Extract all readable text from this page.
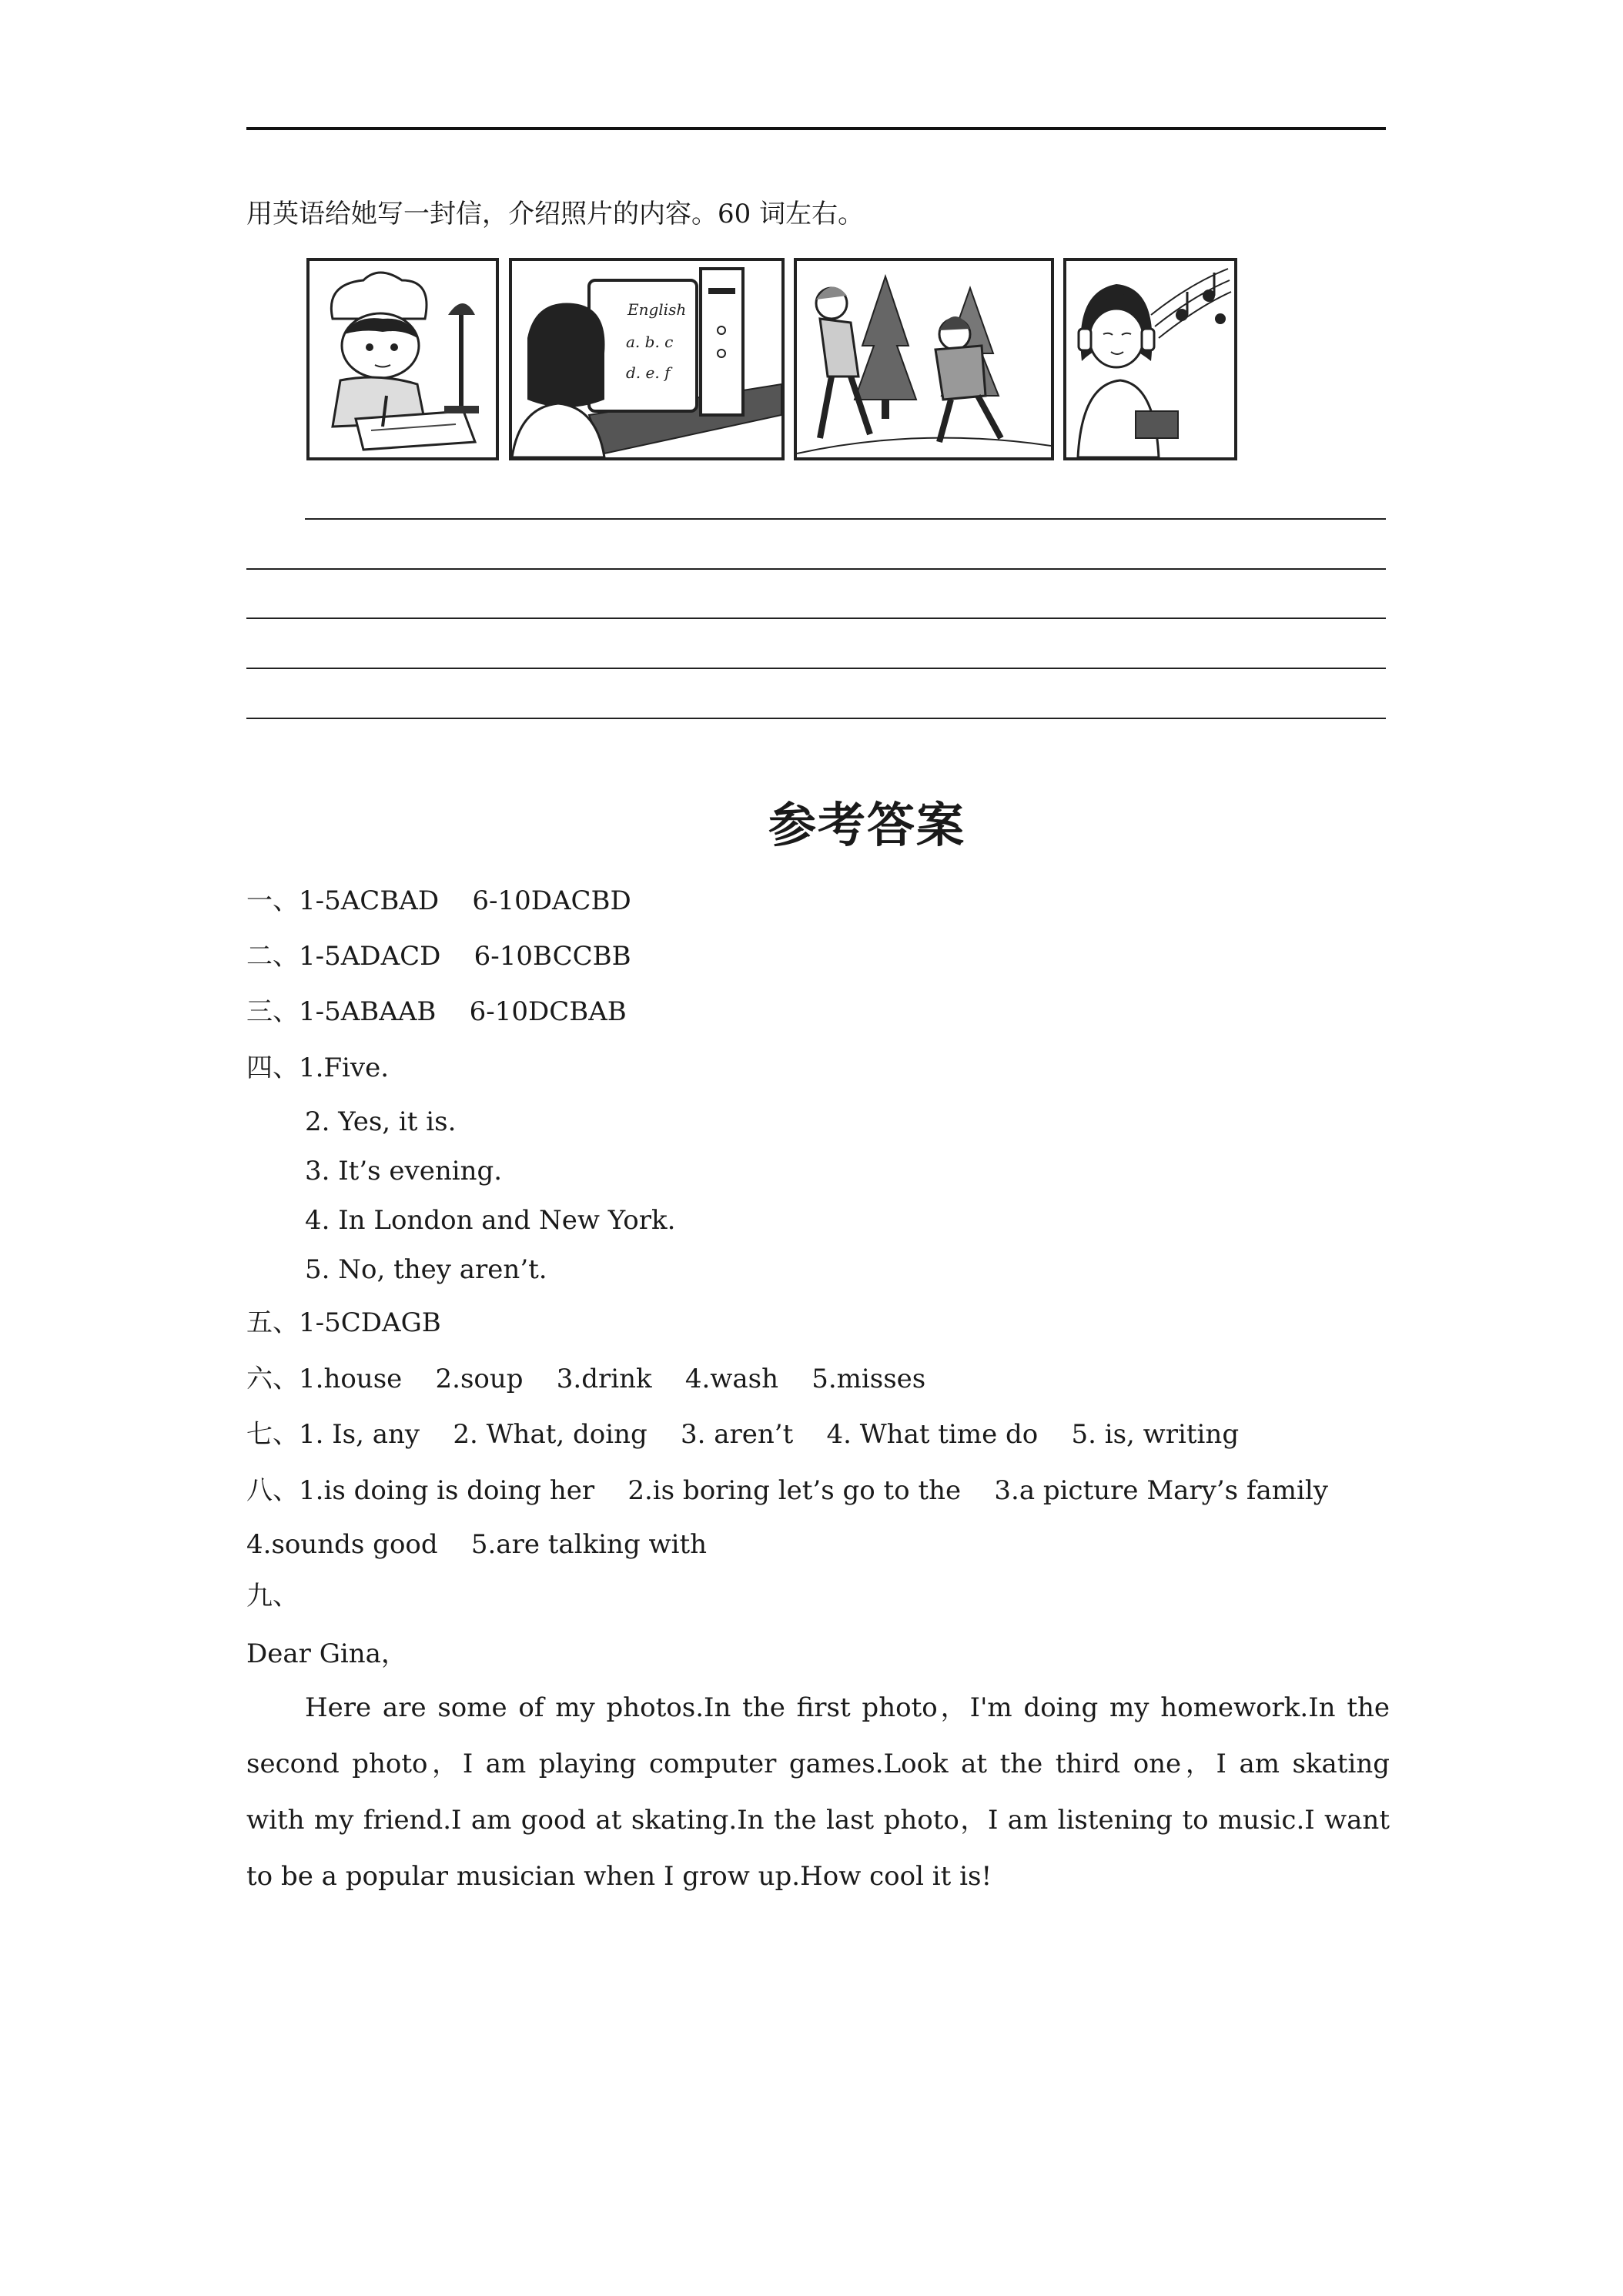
用英语给她写一封信，介绍照片的内容。60 词左右。
English
a. b. c
d. e. f
参考答案
一、1-5ACBAD    6-10DACBD
二、1-5ADACD    6-10BCCBB
三、1-5ABAAB    6-10DCBAB
四、1.Five.
2. Yes, it is.
3. It’s evening.
4. In London and New York.
5. No, they aren’t.
五、1-5CDAGB
六、1.house    2.soup    3.drink    4.wash    5.misses
七、1. Is, any    2. What, doing    3. aren’t    4. What time do    5. is, writing
八、1.is doing is doing her    2.is boring let’s go to the    3.a picture Mary’s family
4.sounds good    5.are talking with
九、
Dear Gina，
Here are some of my photos.In the first photo，I'm doing my homework.In the second photo，I am playing computer games.Look at the third one，I am skating with my friend.I am good at skating.In the last photo，I am listening to music.I want to be a popular musician when I grow up.How cool it is!
